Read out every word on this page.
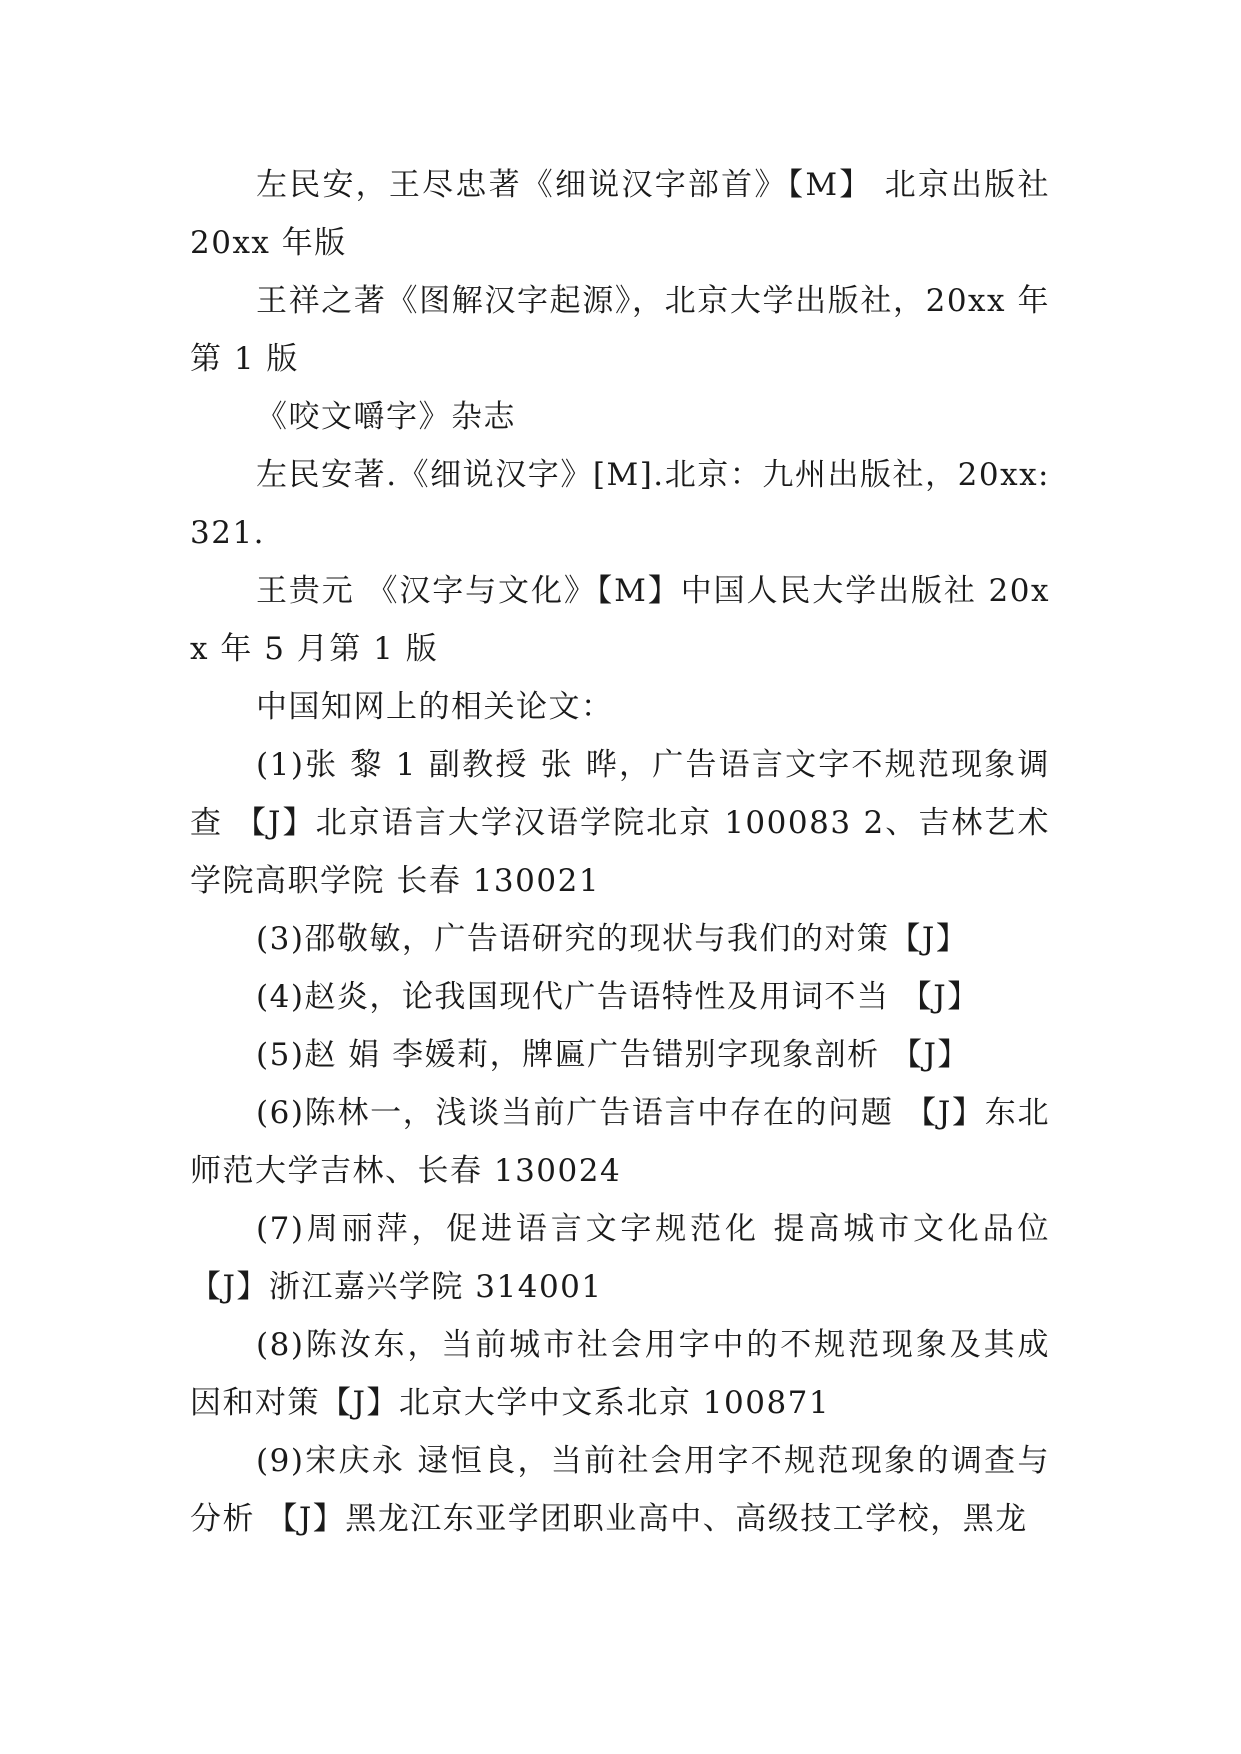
左民安，王尽忠著《细说汉字部首》【M】 北京出版社 20xx 年版

王祥之著《图解汉字起源》，北京大学出版社，20xx 年第 1 版

《咬文嚼字》杂志

左民安著.《细说汉字》[M].北京：九州出版社，20xx: 321.

王贵元 《汉字与文化》【M】中国人民大学出版社 20xx 年 5 月第 1 版

中国知网上的相关论文：

(1)张 黎 1 副教授 张 晔，广告语言文字不规范现象调查 【J】北京语言大学汉语学院北京 100083 2、吉林艺术学院高职学院 长春 130021

(3)邵敬敏，广告语研究的现状与我们的对策【J】

(4)赵炎，论我国现代广告语特性及用词不当 【J】

(5)赵 娟 李媛莉，牌匾广告错别字现象剖析 【J】

(6)陈林一，浅谈当前广告语言中存在的问题 【J】东北师范大学吉林、长春 130024

(7)周丽萍，促进语言文字规范化 提高城市文化品位【J】浙江嘉兴学院 314001

(8)陈汝东，当前城市社会用字中的不规范现象及其成因和对策【J】北京大学中文系北京 100871

(9)宋庆永 逯恒良，当前社会用字不规范现象的调查与分析 【J】黑龙江东亚学团职业高中、高级技工学校，黑龙
